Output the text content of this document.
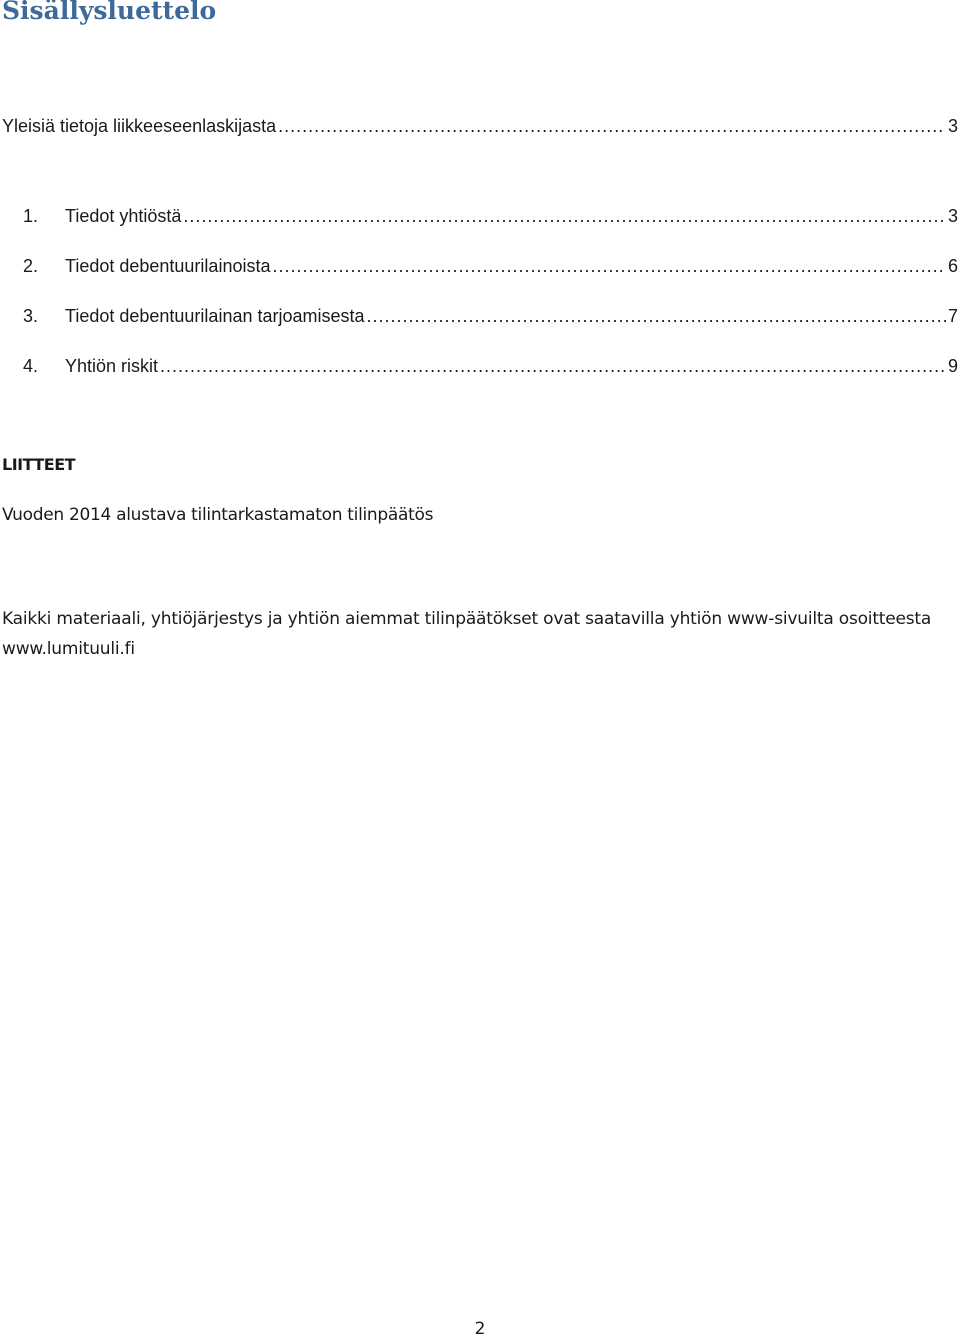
Sisällysluettelo
Yleisiä tietoja liikkeeseenlaskijasta .....	3
1.	Tiedot yhtiöstä .....	3
2.	Tiedot debentuurilainoista .....	6
3.	Tiedot debentuurilainan tarjoamisesta .....	7
4.	Yhtiön riskit .....	9
LIITTEET

Vuoden 2014 alustava tilintarkastamaton tilinpäätös

Kaikki materiaali, yhtiöjärjestys ja yhtiön aiemmat tilinpäätökset ovat saatavilla yhtiön www-sivuilta osoitteesta www.lumituuli.fi

2
